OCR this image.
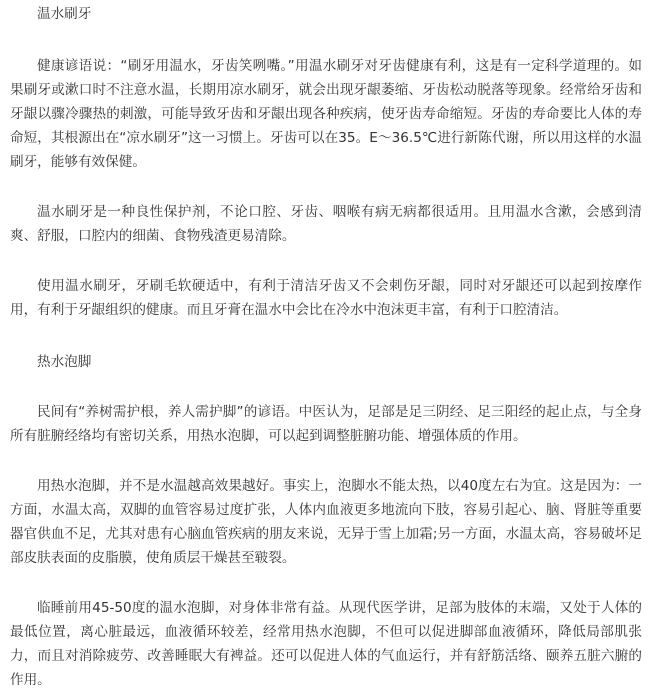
温水刷牙

健康谚语说：“刷牙用温水，牙齿笑咧嘴。”用温水刷牙对牙齿健康有利，这是有一定科学道理的。如果刷牙或漱口时不注意水温，长期用凉水刷牙，就会出现牙龈萎缩、牙齿松动脱落等现象。经常给牙齿和牙龈以骤冷骤热的刺激，可能导致牙齿和牙龈出现各种疾病，使牙齿寿命缩短。牙齿的寿命要比人体的寿命短，其根源出在“凉水刷牙”这一习惯上。牙齿可以在35。E～36.5℃进行新陈代谢，所以用这样的水温刷牙，能够有效保健。

温水刷牙是一种良性保护剂，不论口腔、牙齿、咽喉有病无病都很适用。且用温水含漱，会感到清爽、舒服，口腔内的细菌、食物残渣更易清除。

使用温水刷牙，牙刷毛软硬适中，有利于清洁牙齿又不会刺伤牙龈，同时对牙龈还可以起到按摩作用，有利于牙龈组织的健康。而且牙膏在温水中会比在冷水中泡沫更丰富，有利于口腔清洁。

热水泡脚

民间有“养树需护根，养人需护脚”的谚语。中医认为，足部是足三阴经、足三阳经的起止点，与全身所有脏腑经络均有密切关系，用热水泡脚，可以起到调整脏腑功能、增强体质的作用。

用热水泡脚，并不是水温越高效果越好。事实上，泡脚水不能太热，以40度左右为宜。这是因为：一方面，水温太高，双脚的血管容易过度扩张，人体内血液更多地流向下肢，容易引起心、脑、肾脏等重要器官供血不足，尤其对患有心脑血管疾病的朋友来说，无异于雪上加霜;另一方面，水温太高，容易破坏足部皮肤表面的皮脂膜，使角质层干燥甚至皲裂。

临睡前用45-50度的温水泡脚，对身体非常有益。从现代医学讲，足部为肢体的末端，又处于人体的最低位置，离心脏最远，血液循环较差，经常用热水泡脚，不但可以促进脚部血液循环，降低局部肌张力，而且对消除疲劳、改善睡眠大有裨益。还可以促进人体的气血运行，并有舒筋活络、颐养五脏六腑的作用。
